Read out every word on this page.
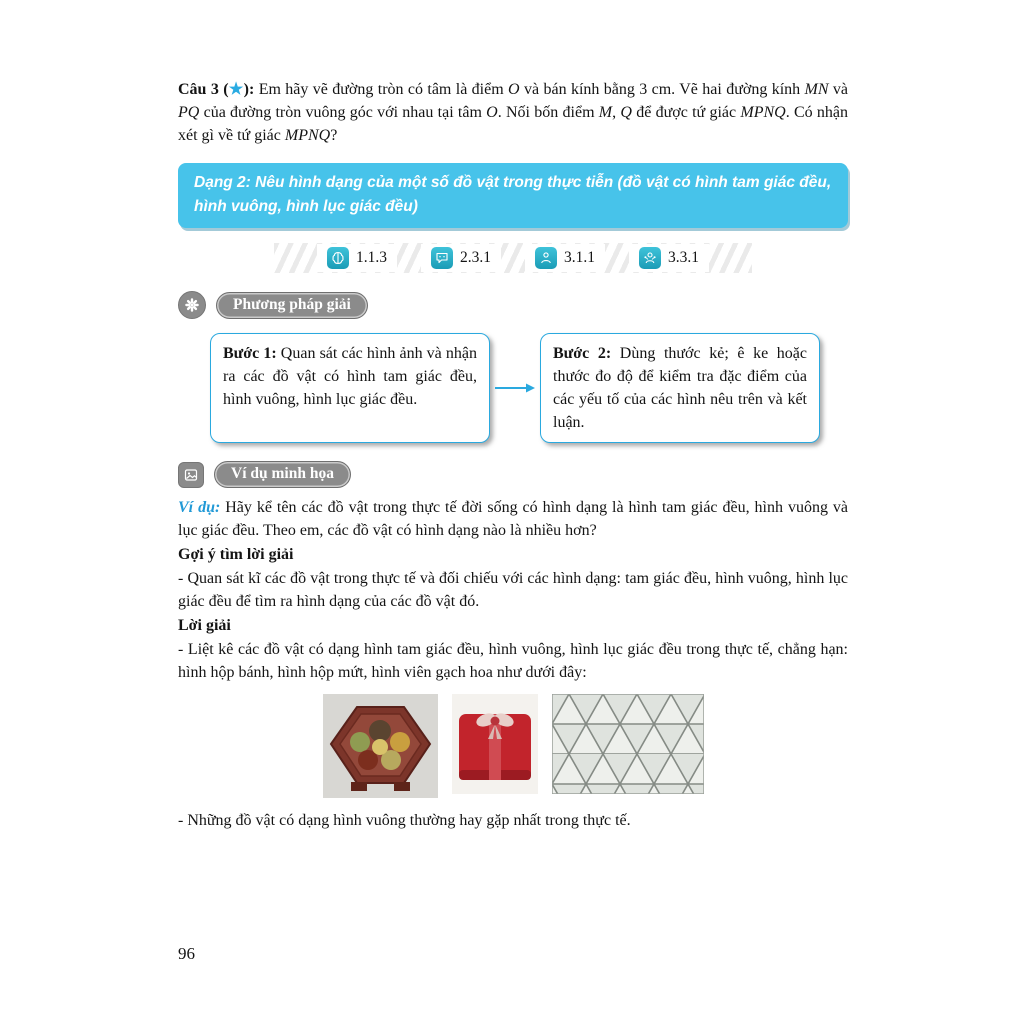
Câu 3 (★): Em hãy vẽ đường tròn có tâm là điểm O và bán kính bằng 3 cm. Vẽ hai đường kính MN và PQ của đường tròn vuông góc với nhau tại tâm O. Nối bốn điểm M, Q để được tứ giác MPNQ. Có nhận xét gì về tứ giác MPNQ?

Dạng 2: Nêu hình dạng của một số đồ vật trong thực tiễn (đồ vật có hình tam giác đều, hình vuông, hình lục giác đều)
1.1.3	2.3.1	3.1.1	3.3.1
Phương pháp giải
Bước 1: Quan sát các hình ảnh và nhận ra các đồ vật có hình tam giác đều, hình vuông, hình lục giác đều.
Bước 2: Dùng thước kẻ; ê ke hoặc thước đo độ để kiểm tra đặc điểm của các yếu tố của các hình nêu trên và kết luận.
Ví dụ minh họa

Ví dụ: Hãy kể tên các đồ vật trong thực tế đời sống có hình dạng là hình tam giác đều, hình vuông và lục giác đều. Theo em, các đồ vật có hình dạng nào là nhiều hơn?

Gợi ý tìm lời giải

- Quan sát kĩ các đồ vật trong thực tế và đối chiếu với các hình dạng: tam giác đều, hình vuông, hình lục giác đều để tìm ra hình dạng của các đồ vật đó.

Lời giải

- Liệt kê các đồ vật có dạng hình tam giác đều, hình vuông, hình lục giác đều trong thực tế, chẳng hạn: hình hộp bánh, hình hộp mứt, hình viên gạch hoa như dưới đây:

- Những đồ vật có dạng hình vuông thường hay gặp nhất trong thực tế.

96
